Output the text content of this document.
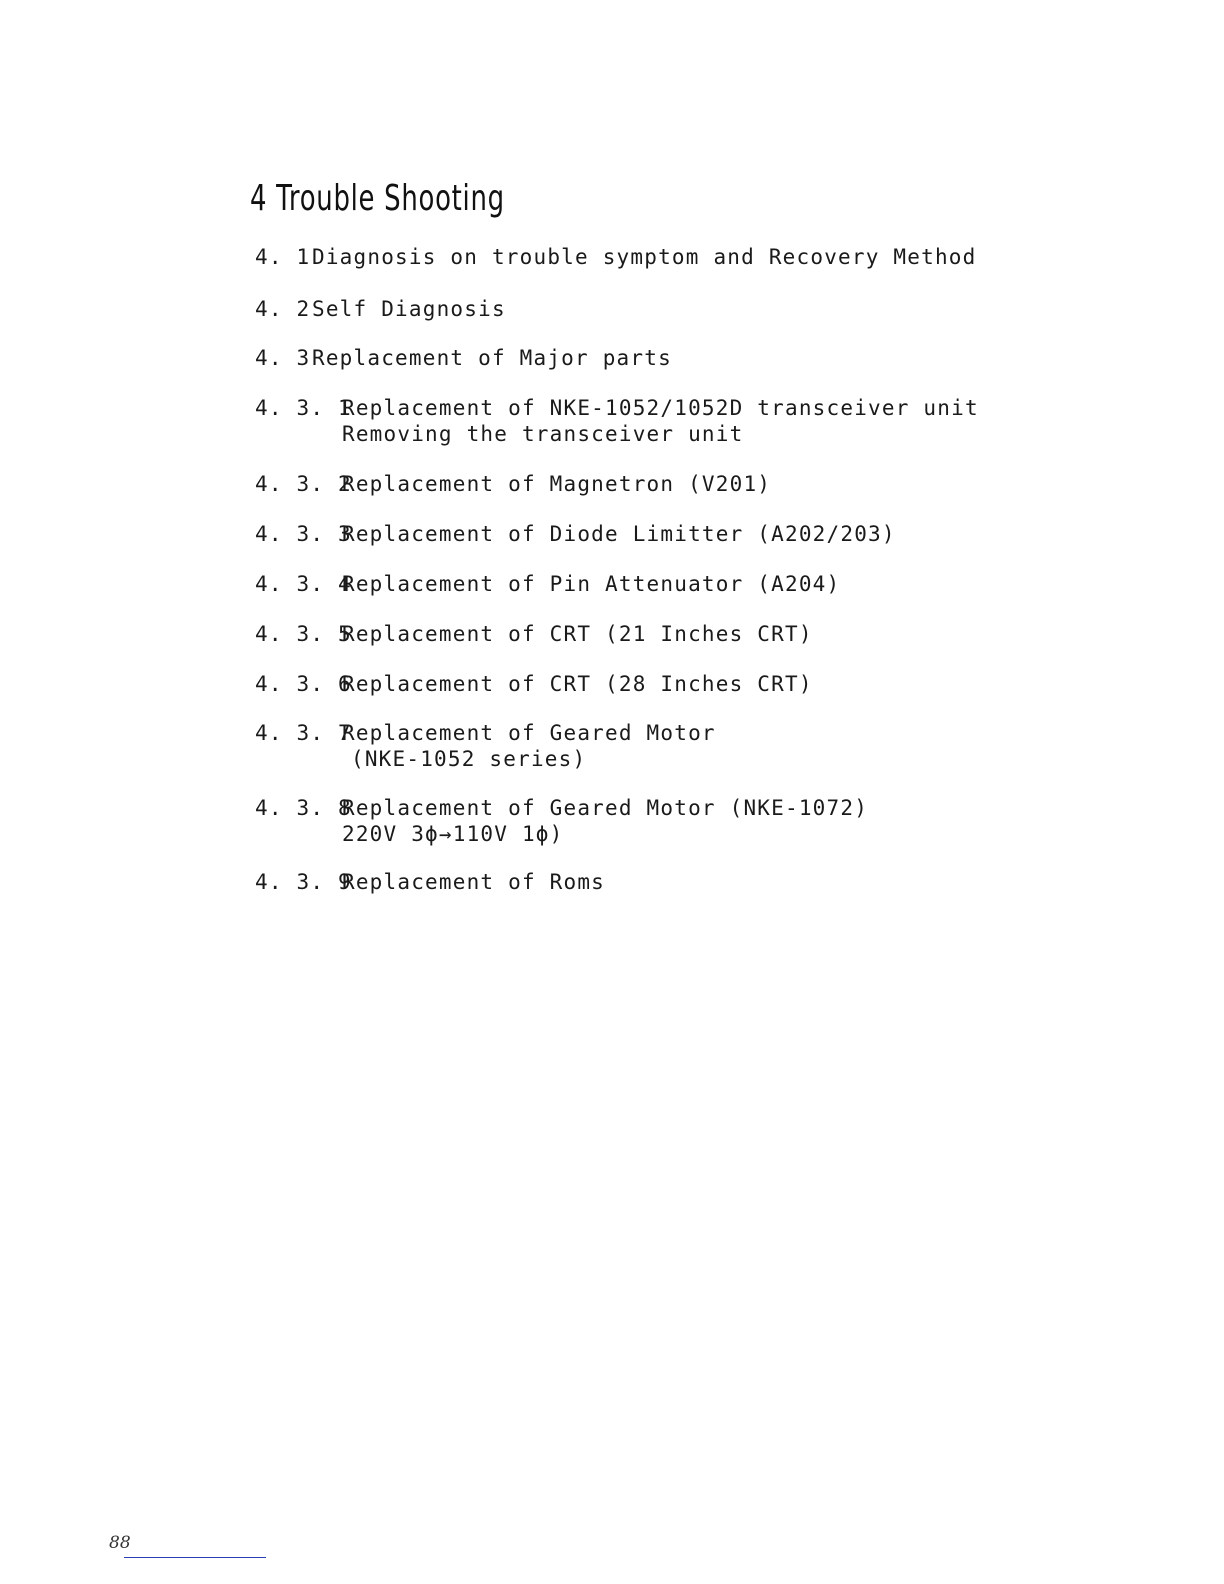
4 Trouble Shooting
4. 1Diagnosis on trouble symptom and Recovery Method
4. 2Self Diagnosis
4. 3Replacement of Major parts
4. 3. 1Replacement of NKE-1052/1052D transceiver unit
Removing the transceiver unit
4. 3. 2Replacement of Magnetron (V201)
4. 3. 3Replacement of Diode Limitter (A202/203)
4. 3. 4Replacement of Pin Attenuator (A204)
4. 3. 5Replacement of CRT (21 Inches CRT)
4. 3. 6Replacement of CRT (28 Inches CRT)
4. 3. 7Replacement of Geared Motor
(NKE-1052 series)
4. 3. 8Replacement of Geared Motor (NKE-1072)
220V 3ϕ→110V 1ϕ)
4. 3. 9Replacement of Roms
88
